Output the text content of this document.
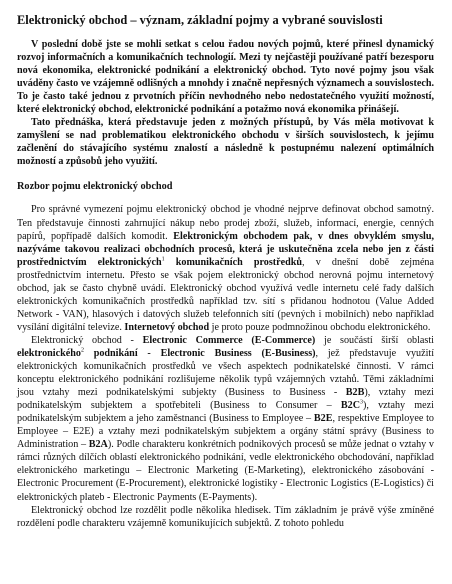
Elektronický obchod – význam, základní pojmy a vybrané souvislosti

V poslední době jste se mohli setkat s celou řadou nových pojmů, které přinesl dynamický rozvoj informačních a komunikačních technologií. Mezi ty nejčastěji používané patří bezesporu nová ekonomika, elektronické podnikání a elektronický obchod. Tyto nové pojmy jsou však uváděny často ve vzájemně odlišných a mnohdy i značně nepřesných významech a souvislostech. To je často také jednou z prvotních příčin nevhodného nebo nedostatečného využití možností, které elektronický obchod, elektronické podnikání a potažmo nová ekonomika přinášejí.

Tato přednáška, která představuje jeden z možných přístupů, by Vás měla motivovat k zamyšlení se nad problematikou elektronického obchodu v širších souvislostech, k jejímu začlenění do stávajícího systému znalostí a následně k postupnému nalezení optimálních možností a způsobů jeho využití.

Rozbor pojmu elektronický obchod

Pro správné vymezení pojmu elektronický obchod je vhodné nejprve definovat obchod samotný. Ten představuje činnosti zahrnující nákup nebo prodej zboží, služeb, informací, energie, cenných papírů, popřípadě dalších komodit. Elektronickým obchodem pak, v dnes obvyklém smyslu, nazýváme takovou realizaci obchodních procesů, která je uskutečněna zcela nebo jen z části prostřednictvím elektronických$^1$ komunikačních prostředků, v dnešní době zejména prostřednictvím internetu. Přesto se však pojem elektronický obchod nerovná pojmu internetový obchod, jak se často chybně uvádí. Elektronický obchod využívá vedle internetu celé řady dalších elektronických komunikačních prostředků například tzv. sítí s přidanou hodnotou (Value Added Network - VAN), hlasových i datových služeb telefonních sítí (pevných i mobilních) nebo například vysílání digitální televize. Internetový obchod je proto pouze podmnožinou obchodu elektronického.

Elektronický obchod - Electronic Commerce (E-Commerce) je součástí širší oblasti elektronického$^2$ podnikání - Electronic Business (E-Business), jež představuje využití elektronických komunikačních prostředků ve všech aspektech podnikatelské činnosti. V rámci konceptu elektronického podnikání rozlišujeme několik typů vzájemných vztahů. Těmi základními jsou vztahy mezi podnikatelskými subjekty (Business to Business - B2B), vztahy mezi podnikatelským subjektem a spotřebiteli (Business to Consumer – $B2C^3$), vztahy mezi podnikatelským subjektem a jeho zaměstnanci (Business to Employee – B2E, respektive Employee to Employee – E2E) a vztahy mezi podnikatelským subjektem a orgány státní správy (Business to Administration – B2A). Podle charakteru konkrétních podnikových procesů se může jednat o vztahy v rámci různých dílčích oblastí elektronického podnikání, vedle elektronického obchodování, například elektronického marketingu – Electronic Marketing (E-Marketing), elektronického zásobování - Electronic Procurement (E-Procurement), elektronické logistiky - Electronic Logistics (E-Logistics) či elektronických plateb - Electronic Payments (E-Payments).

Elektronický obchod lze rozdělit podle několika hledisek. Tím základním je právě výše zmíněné rozdělení podle charakteru vzájemně komunikujících subjektů. Z tohoto pohledu
